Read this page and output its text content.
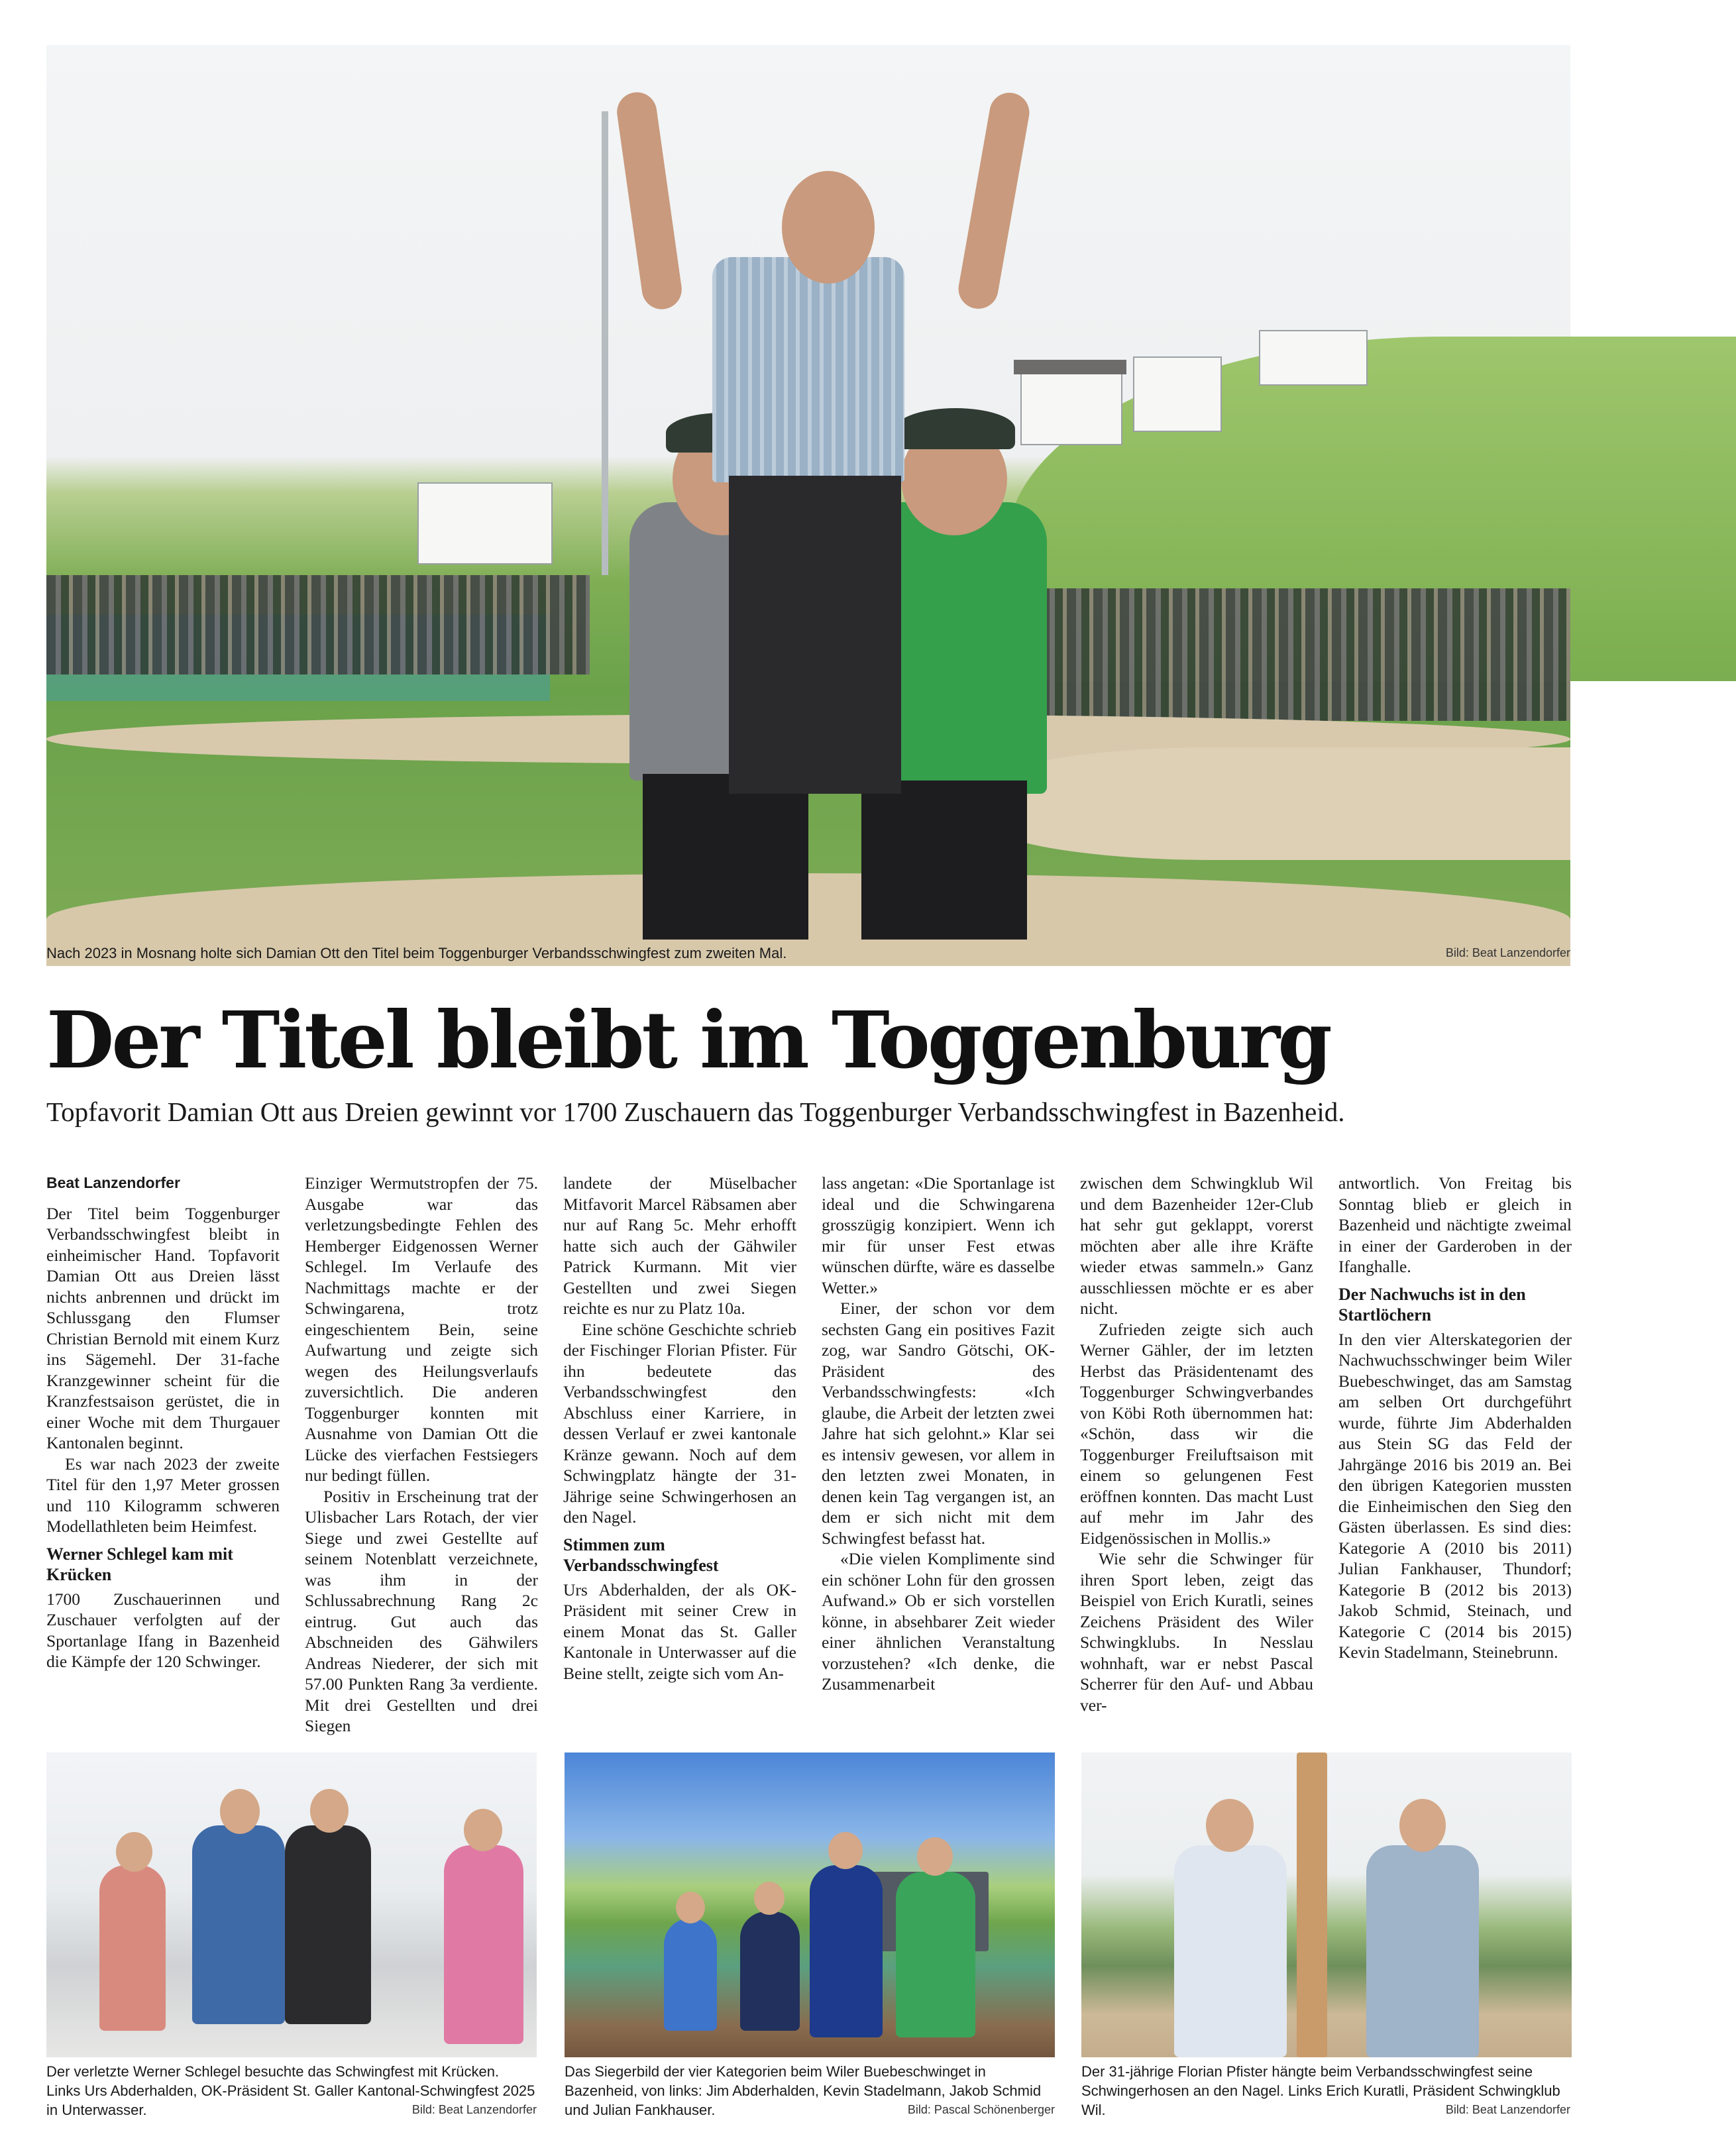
Nach 2023 in Mosnang holte sich Damian Ott den Titel beim Toggenburger Verbandsschwingfest zum zweiten Mal.	Bild: Beat Lanzendorfer
Der Titel bleibt im Toggenburg
Topfavorit Damian Ott aus Dreien gewinnt vor 1700 Zuschauern das Toggenburger Verbandsschwingfest in Bazenheid.
Beat Lanzendorfer

Der Titel beim Toggenburger Verbandsschwingfest bleibt in einheimischer Hand. Topfavorit Damian Ott aus Dreien lässt nichts anbrennen und drückt im Schlussgang den Flumser Christian Bernold mit einem Kurz ins Sägemehl. Der 31-fache Kranzgewinner scheint für die Kranzfestsaison gerüstet, die in einer Woche mit dem Thurgauer Kantonalen beginnt.

Es war nach 2023 der zweite Titel für den 1,97 Meter grossen und 110 Kilogramm schweren Modellathleten beim Heimfest.

Werner Schlegel kam mit Krücken

1700 Zuschauerinnen und Zuschauer verfolgten auf der Sportanlage Ifang in Bazenheid die Kämpfe der 120 Schwinger.

Einziger Wermutstropfen der 75. Ausgabe war das verletzungsbedingte Fehlen des Hemberger Eidgenossen Werner Schlegel. Im Verlaufe des Nachmittags machte er der Schwingarena, trotz eingeschientem Bein, seine Aufwartung und zeigte sich wegen des Heilungsverlaufs zuversichtlich. Die anderen Toggenburger konnten mit Ausnahme von Damian Ott die Lücke des vierfachen Festsiegers nur bedingt füllen.

Positiv in Erscheinung trat der Ulisbacher Lars Rotach, der vier Siege und zwei Gestellte auf seinem Notenblatt verzeichnete, was ihm in der Schlussabrechnung Rang 2c eintrug. Gut auch das Abschneiden des Gähwilers Andreas Niederer, der sich mit 57.00 Punkten Rang 3a verdiente. Mit drei Gestellten und drei Siegen

landete der Müselbacher Mitfavorit Marcel Räbsamen aber nur auf Rang 5c. Mehr erhofft hatte sich auch der Gähwiler Patrick Kurmann. Mit vier Gestellten und zwei Siegen reichte es nur zu Platz 10a.

Eine schöne Geschichte schrieb der Fischinger Florian Pfister. Für ihn bedeutete das Verbandsschwingfest den Abschluss einer Karriere, in dessen Verlauf er zwei kantonale Kränze gewann. Noch auf dem Schwingplatz hängte der 31-Jährige seine Schwingerhosen an den Nagel.

Stimmen zum Verbandsschwingfest

Urs Abderhalden, der als OK-Präsident mit seiner Crew in einem Monat das St. Galler Kantonale in Unterwasser auf die Beine stellt, zeigte sich vom An-

lass angetan: «Die Sportanlage ist ideal und die Schwingarena grosszügig konzipiert. Wenn ich mir für unser Fest etwas wünschen dürfte, wäre es dasselbe Wetter.»

Einer, der schon vor dem sechsten Gang ein positives Fazit zog, war Sandro Götschi, OK-Präsident des Verbandsschwingfests: «Ich glaube, die Arbeit der letzten zwei Jahre hat sich gelohnt.» Klar sei es intensiv gewesen, vor allem in den letzten zwei Monaten, in denen kein Tag vergangen ist, an dem er sich nicht mit dem Schwingfest befasst hat.

«Die vielen Komplimente sind ein schöner Lohn für den grossen Aufwand.» Ob er sich vorstellen könne, in absehbarer Zeit wieder einer ähnlichen Veranstaltung vorzustehen? «Ich denke, die Zusammenarbeit

zwischen dem Schwingklub Wil und dem Bazenheider 12er-Club hat sehr gut geklappt, vorerst möchten aber alle ihre Kräfte wieder etwas sammeln.» Ganz ausschliessen möchte er es aber nicht.

Zufrieden zeigte sich auch Werner Gähler, der im letzten Herbst das Präsidentenamt des Toggenburger Schwingverbandes von Köbi Roth übernommen hat: «Schön, dass wir die Toggenburger Freiluftsaison mit einem so gelungenen Fest eröffnen konnten. Das macht Lust auf mehr im Jahr des Eidgenössischen in Mollis.»

Wie sehr die Schwinger für ihren Sport leben, zeigt das Beispiel von Erich Kuratli, seines Zeichens Präsident des Wiler Schwingklubs. In Nesslau wohnhaft, war er nebst Pascal Scherrer für den Auf- und Abbau ver-

antwortlich. Von Freitag bis Sonntag blieb er gleich in Bazenheid und nächtigte zweimal in einer der Garderoben in der Ifanghalle.

Der Nachwuchs ist in den Startlöchern

In den vier Alterskategorien der Nachwuchsschwinger beim Wiler Buebeschwinget, das am Samstag am selben Ort durchgeführt wurde, führte Jim Abderhalden aus Stein SG das Feld der Jahrgänge 2016 bis 2019 an. Bei den übrigen Kategorien mussten die Einheimischen den Sieg den Gästen überlassen. Es sind dies: Kategorie A (2010 bis 2011) Julian Fankhauser, Thundorf; Kategorie B (2012 bis 2013) Jakob Schmid, Steinach, und Kategorie C (2014 bis 2015) Kevin Stadelmann, Steinebrunn.

Der verletzte Werner Schlegel besuchte das Schwingfest mit Krücken. Links Urs Abderhalden, OK-Präsident St. Galler Kantonal-Schwingfest 2025 in Unterwasser.	Bild: Beat Lanzendorfer
Das Siegerbild der vier Kategorien beim Wiler Buebeschwinget in Bazenheid, von links: Jim Abderhalden, Kevin Stadelmann, Jakob Schmid und Julian Fankhauser.	Bild: Pascal Schönenberger
Der 31-jährige Florian Pfister hängte beim Verbandsschwingfest seine Schwingerhosen an den Nagel. Links Erich Kuratli, Präsident Schwingklub Wil.	Bild: Beat Lanzendorfer
